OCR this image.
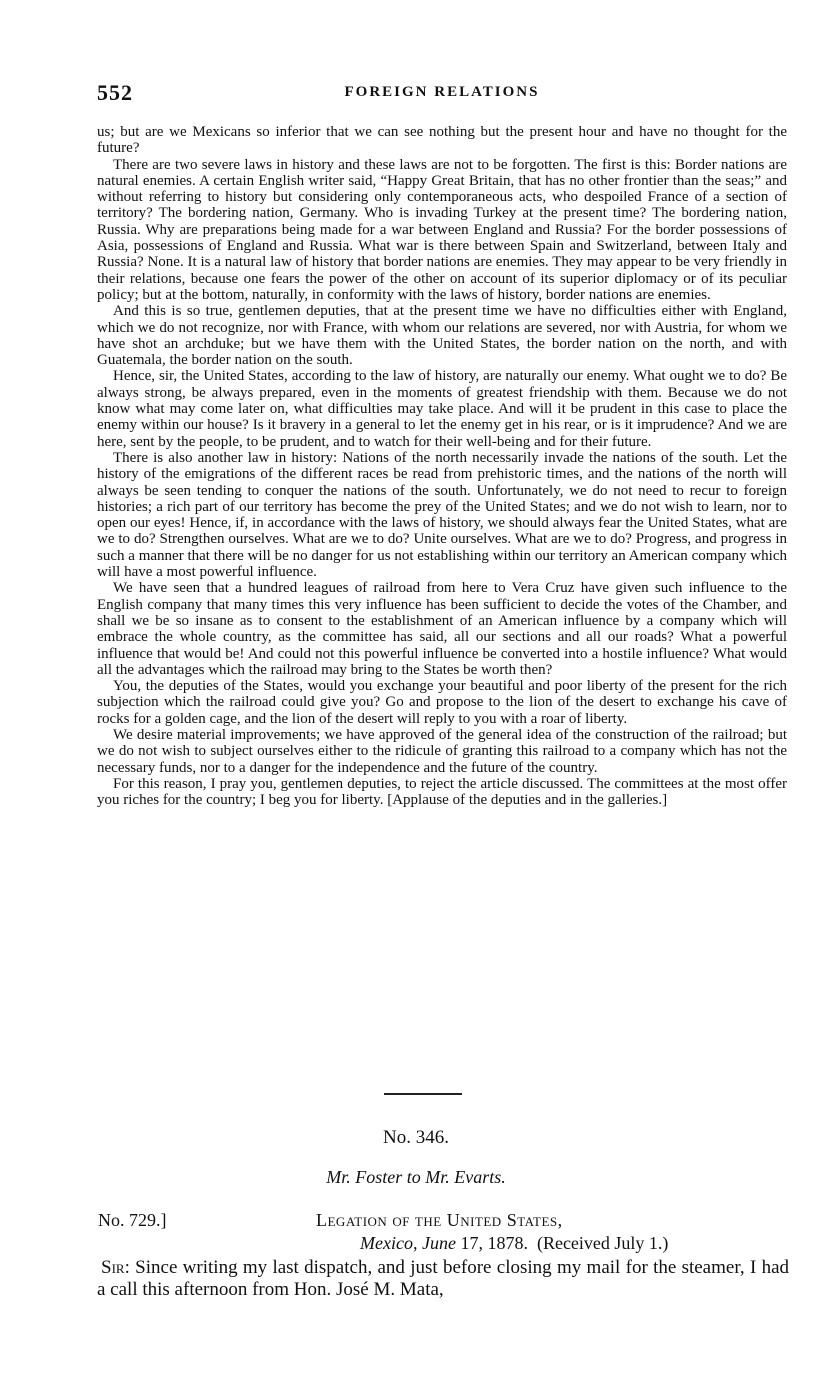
552	FOREIGN RELATIONS

us; but are we Mexicans so inferior that we can see nothing but the present hour and have no thought for the future?

There are two severe laws in history and these laws are not to be forgotten. The first is this: Border nations are natural enemies. A certain English writer said, “Happy Great Britain, that has no other frontier than the seas;” and without referring to history but considering only contemporaneous acts, who despoiled France of a section of territory? The bordering nation, Germany. Who is invading Turkey at the present time? The bordering nation, Russia. Why are preparations being made for a war between England and Russia? For the border possessions of Asia, possessions of England and Russia. What war is there between Spain and Switzerland, between Italy and Russia? None. It is a natural law of history that border nations are enemies. They may appear to be very friendly in their relations, because one fears the power of the other on account of its superior diplomacy or of its peculiar policy; but at the bottom, naturally, in conformity with the laws of history, border nations are enemies.

And this is so true, gentlemen deputies, that at the present time we have no difficulties either with England, which we do not recognize, nor with France, with whom our relations are severed, nor with Austria, for whom we have shot an archduke; but we have them with the United States, the border nation on the north, and with Guatemala, the border nation on the south.

Hence, sir, the United States, according to the law of history, are naturally our enemy. What ought we to do? Be always strong, be always prepared, even in the moments of greatest friendship with them. Because we do not know what may come later on, what difficulties may take place. And will it be prudent in this case to place the enemy within our house? Is it bravery in a general to let the enemy get in his rear, or is it imprudence? And we are here, sent by the people, to be prudent, and to watch for their well-being and for their future.

There is also another law in history: Nations of the north necessarily invade the nations of the south. Let the history of the emigrations of the different races be read from prehistoric times, and the nations of the north will always be seen tending to conquer the nations of the south. Unfortunately, we do not need to recur to foreign histories; a rich part of our territory has become the prey of the United States; and we do not wish to learn, nor to open our eyes! Hence, if, in accordance with the laws of history, we should always fear the United States, what are we to do? Strengthen ourselves. What are we to do? Unite ourselves. What are we to do? Progress, and progress in such a manner that there will be no danger for us not establishing within our territory an American company which will have a most powerful influence.

We have seen that a hundred leagues of railroad from here to Vera Cruz have given such influence to the English company that many times this very influence has been sufficient to decide the votes of the Chamber, and shall we be so insane as to consent to the establishment of an American influence by a company which will embrace the whole country, as the committee has said, all our sections and all our roads? What a powerful influence that would be! And could not this powerful influence be converted into a hostile influence? What would all the advantages which the railroad may bring to the States be worth then?

You, the deputies of the States, would you exchange your beautiful and poor liberty of the present for the rich subjection which the railroad could give you? Go and propose to the lion of the desert to exchange his cave of rocks for a golden cage, and the lion of the desert will reply to you with a roar of liberty.

We desire material improvements; we have approved of the general idea of the construction of the railroad; but we do not wish to subject ourselves either to the ridicule of granting this railroad to a company which has not the necessary funds, nor to a danger for the independence and the future of the country.

For this reason, I pray you, gentlemen deputies, to reject the article discussed. The committees at the most offer you riches for the country; I beg you for liberty. [Applause of the deputies and in the galleries.]

No. 346.
Mr. Foster to Mr. Evarts.
No. 729.]	Legation of the United States,
Mexico, June 17, 1878. (Received July 1.)

Sir: Since writing my last dispatch, and just before closing my mail for the steamer, I had a call this afternoon from Hon. José M. Mata,
